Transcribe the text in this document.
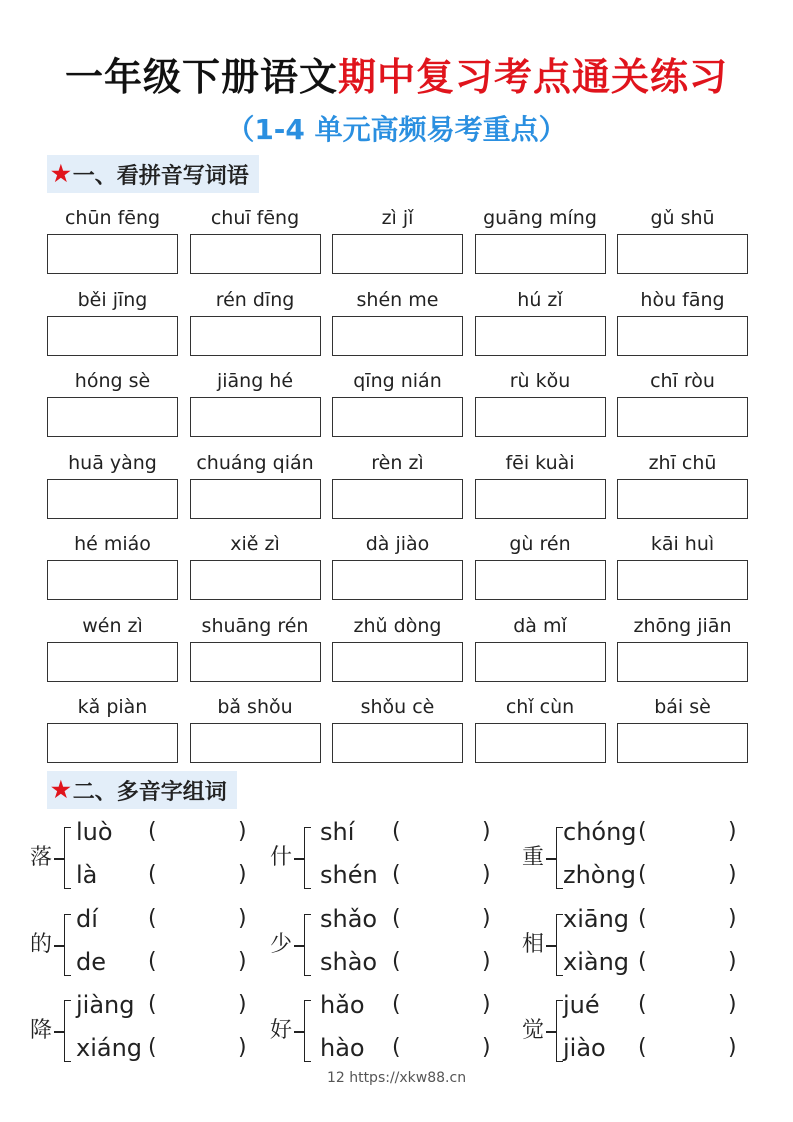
一年级下册语文期中复习考点通关练习
（1-4 单元高频易考重点）
★ 一、看拼音写词语
chūn fēng	chuī fēng	zì jǐ	guāng míng	gǔ shū
běi jīng	rén dīng	shén me	hú zǐ	hòu fāng
hóng sè	jiāng hé	qīng nián	rù kǒu	chī ròu
huā yàng	chuáng qián	rèn zì	fēi kuài	zhī chū
hé miáo	xiě zì	dà jiào	gù rén	kāi huì
wén zì	shuāng rén	zhǔ dòng	dà mǐ	zhōng jiān
kǎ piàn	bǎ shǒu	shǒu cè	chǐ cùn	bái sè
★ 二、多音字组词
落
luò (	)
là (	)
什
shí (	)
shén (	)
重
chóng (	)
zhòng (	)
的
dí (	)
de (	)
少
shǎo (	)
shào (	)
相
xiāng (	)
xiàng (	)
降
jiàng (	)
xiáng (	)
好
hǎo (	)
hào (	)
觉
jué (	)
jiào (	)
12 https://xkw88.cn
